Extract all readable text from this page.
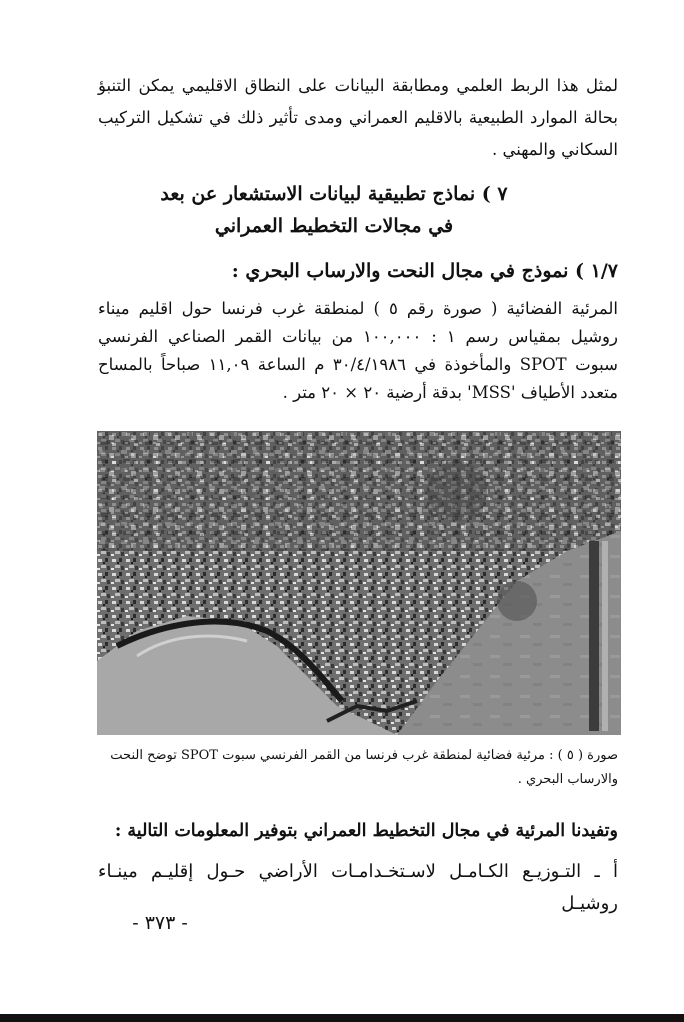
لمثل هذا الربط العلمي ومطابقة البيانات على النطاق الاقليمي يمكن التنبؤ بحالة الموارد الطبيعية بالاقليم العمراني ومدى تأثير ذلك في تشكيل التركيب السكاني والمهني .
٧ ) نماذج تطبيقية لبيانات الاستشعار عن بعد
في مجالات التخطيط العمراني
١/٧ ) نموذج في مجال النحت والارساب البحري :
المرئية الفضائية ( صورة رقم ٥ ) لمنطقة غرب فرنسا حول اقليم ميناء روشيل بمقياس رسم ١ : ١٠٠,٠٠٠ من بيانات القمر الصناعي الفرنسي سبوت SPOT والمأخوذة في ٣٠/٤/١٩٨٦ م الساعة ١١,٠٩ صباحاً بالمساح متعدد الأطياف 'MSS' بدقة أرضية ٢٠ × ٢٠ متر .
صورة ( ٥ ) : مرئية فضائية لمنطقة غرب فرنسا من القمر الفرنسي سبوت SPOT توضح النحت والارساب البحري .
وتفيدنا المرئية في مجال التخطيط العمراني بتوفير المعلومات التالية :
أ ـ التـوزيـع الكـامـل لاسـتخـدامـات الأراضي حـول إقليـم مينـاء روشيـل
- ٣٧٣ -
